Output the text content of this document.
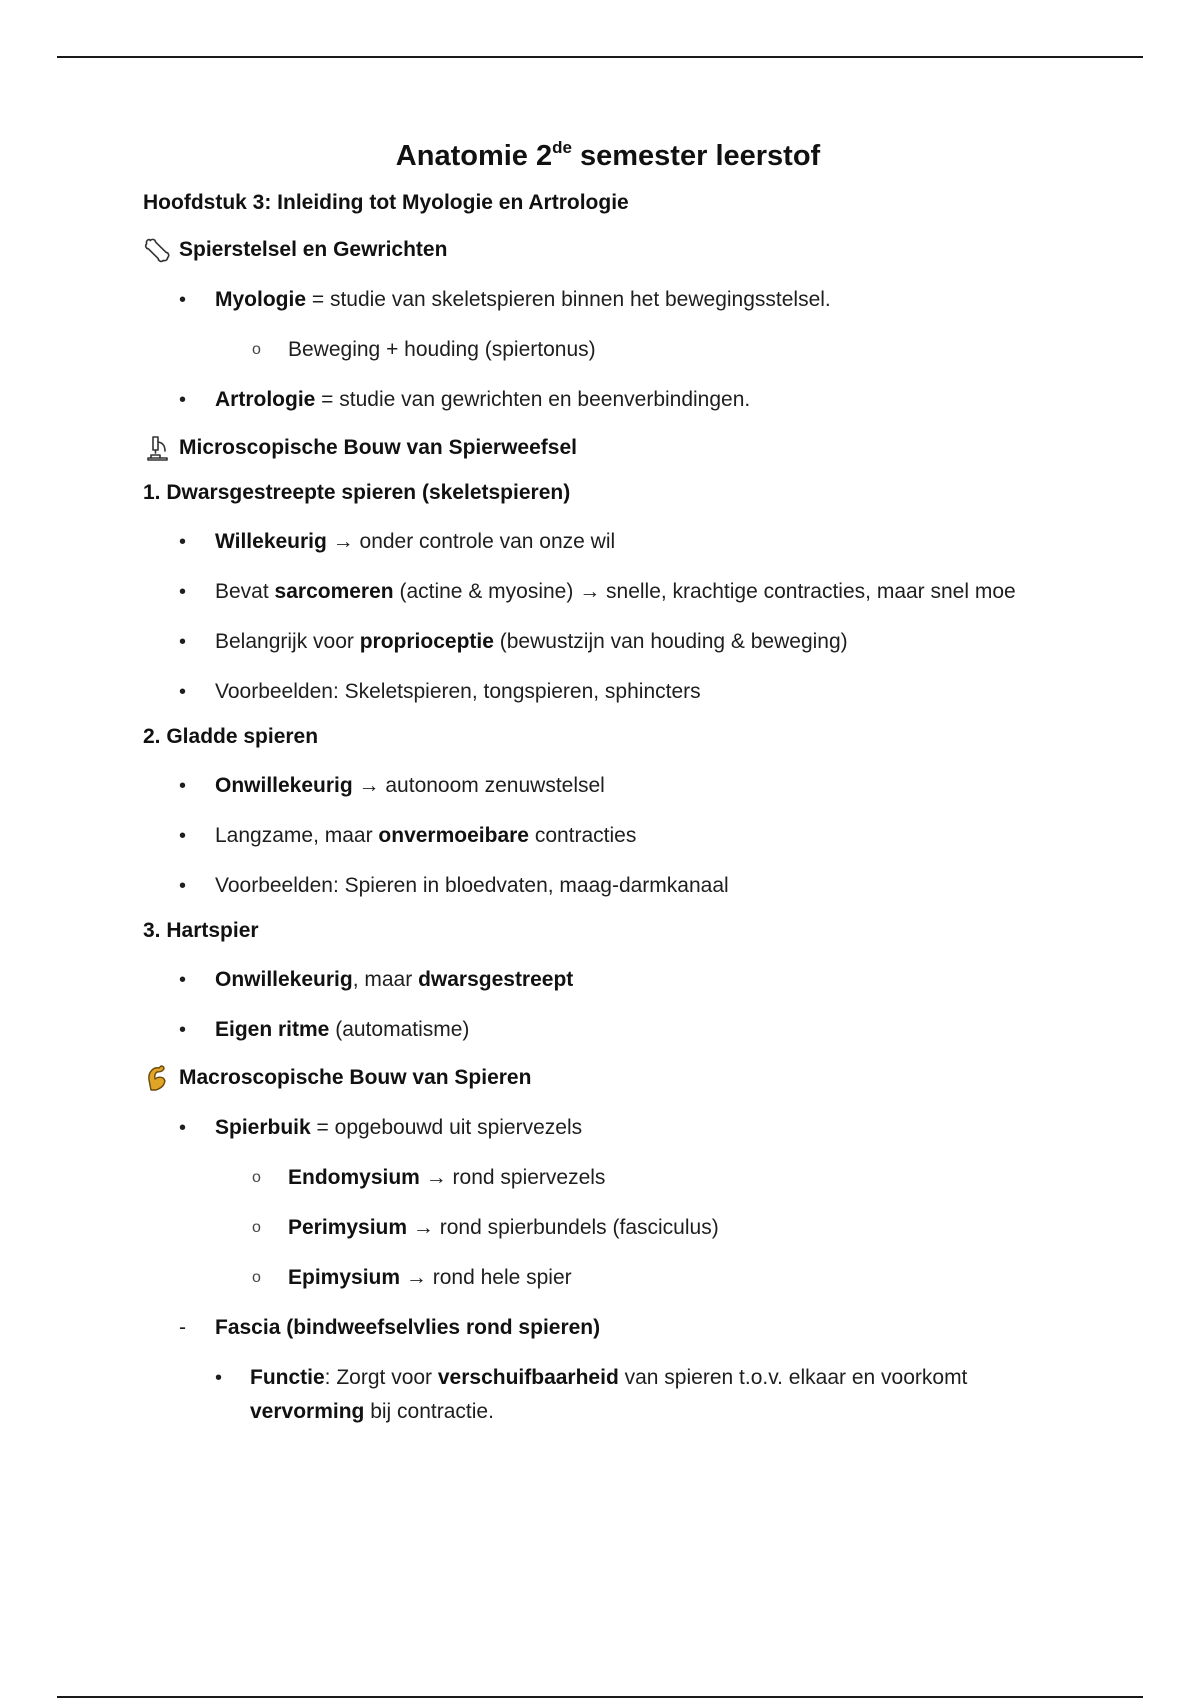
Anatomie 2de semester leerstof
Hoofdstuk 3: Inleiding tot Myologie en Artrologie
Spierstelsel en Gewrichten
• Myologie = studie van skeletspieren binnen het bewegingsstelsel.
o Beweging + houding (spiertonus)
• Artrologie = studie van gewrichten en beenverbindingen.
Microscopische Bouw van Spierweefsel
1. Dwarsgestreepte spieren (skeletspieren)
• Willekeurig → onder controle van onze wil
• Bevat sarcomeren (actine & myosine) → snelle, krachtige contracties, maar snel moe
• Belangrijk voor proprioceptie (bewustzijn van houding & beweging)
• Voorbeelden: Skeletspieren, tongspieren, sphincters
2. Gladde spieren
• Onwillekeurig → autonoom zenuwstelsel
• Langzame, maar onvermoeibare contracties
• Voorbeelden: Spieren in bloedvaten, maag-darmkanaal
3. Hartspier
• Onwillekeurig, maar dwarsgestreept
• Eigen ritme (automatisme)
Macroscopische Bouw van Spieren
• Spierbuik = opgebouwd uit spiervezels
o Endomysium → rond spiervezels
o Perimysium → rond spierbundels (fasciculus)
o Epimysium → rond hele spier
- Fascia (bindweefselvlies rond spieren)
• Functie: Zorgt voor verschuifbaarheid van spieren t.o.v. elkaar en voorkomt vervorming bij contractie.
